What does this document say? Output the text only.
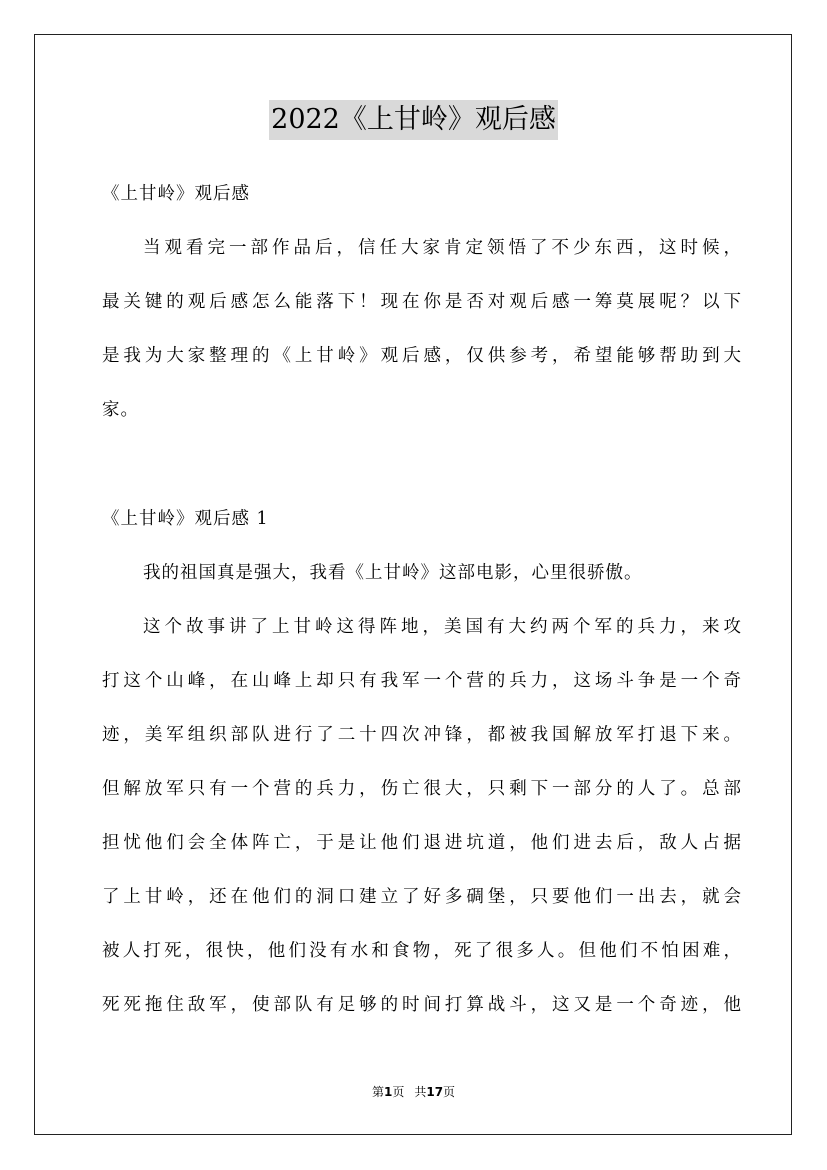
2022《上甘岭》观后感
《上甘岭》观后感
当观看完一部作品后，信任大家肯定领悟了不少东西，这时候，
最关键的观后感怎么能落下！现在你是否对观后感一筹莫展呢？以下
是我为大家整理的《上甘岭》观后感，仅供参考，希望能够帮助到大
家。
《上甘岭》观后感 1
我的祖国真是强大，我看《上甘岭》这部电影，心里很骄傲。
这个故事讲了上甘岭这得阵地，美国有大约两个军的兵力，来攻
打这个山峰，在山峰上却只有我军一个营的兵力，这场斗争是一个奇
迹，美军组织部队进行了二十四次冲锋，都被我国解放军打退下来。
但解放军只有一个营的兵力，伤亡很大，只剩下一部分的人了。总部
担忧他们会全体阵亡，于是让他们退进坑道，他们进去后，敌人占据
了上甘岭，还在他们的洞口建立了好多碉堡，只要他们一出去，就会
被人打死，很快，他们没有水和食物，死了很多人。但他们不怕困难，
死死拖住敌军，使部队有足够的时间打算战斗，这又是一个奇迹，他
第1页 共17页
